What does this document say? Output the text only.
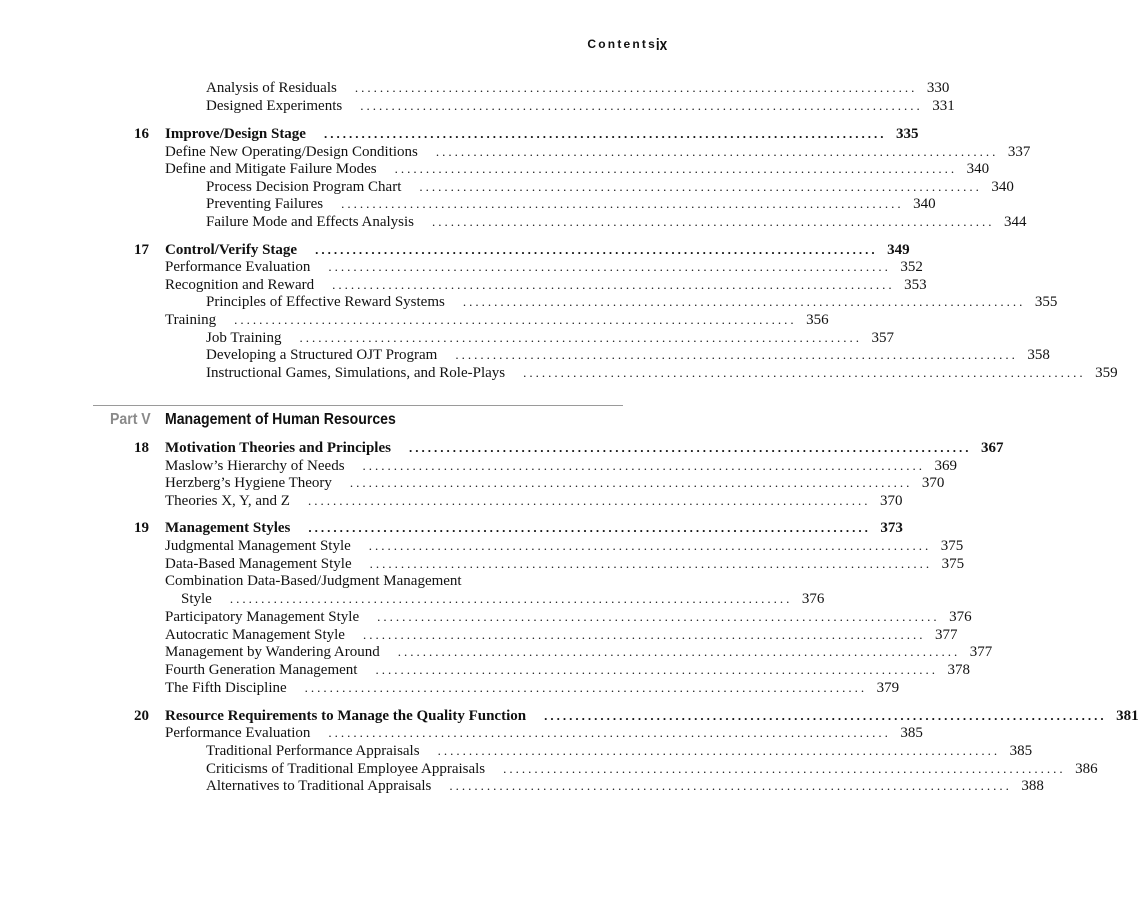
Contents
ix
Analysis of Residuals .......................................................................................... 330
Designed Experiments .......................................................................................... 331
16 Improve/Design Stage .......................................................................................... 335
Define New Operating/Design Conditions .......................................................................................... 337
Define and Mitigate Failure Modes .......................................................................................... 340
Process Decision Program Chart .......................................................................................... 340
Preventing Failures .......................................................................................... 340
Failure Mode and Effects Analysis .......................................................................................... 344
17 Control/Verify Stage .......................................................................................... 349
Performance Evaluation .......................................................................................... 352
Recognition and Reward .......................................................................................... 353
Principles of Effective Reward Systems .......................................................................................... 355
Training .......................................................................................... 356
Job Training .......................................................................................... 357
Developing a Structured OJT Program .......................................................................................... 358
Instructional Games, Simulations, and Role-Plays .......................................................................................... 359
Part V Management of Human Resources
18 Motivation Theories and Principles .......................................................................................... 367
Maslow’s Hierarchy of Needs .......................................................................................... 369
Herzberg’s Hygiene Theory .......................................................................................... 370
Theories X, Y, and Z .......................................................................................... 370
19 Management Styles .......................................................................................... 373
Judgmental Management Style .......................................................................................... 375
Data-Based Management Style .......................................................................................... 375
Combination Data-Based/Judgment Management
Style .......................................................................................... 376
Participatory Management Style .......................................................................................... 376
Autocratic Management Style .......................................................................................... 377
Management by Wandering Around .......................................................................................... 377
Fourth Generation Management .......................................................................................... 378
The Fifth Discipline .......................................................................................... 379
20 Resource Requirements to Manage the Quality Function .......................................................................................... 381
Performance Evaluation .......................................................................................... 385
Traditional Performance Appraisals .......................................................................................... 385
Criticisms of Traditional Employee Appraisals .......................................................................................... 386
Alternatives to Traditional Appraisals .......................................................................................... 388
